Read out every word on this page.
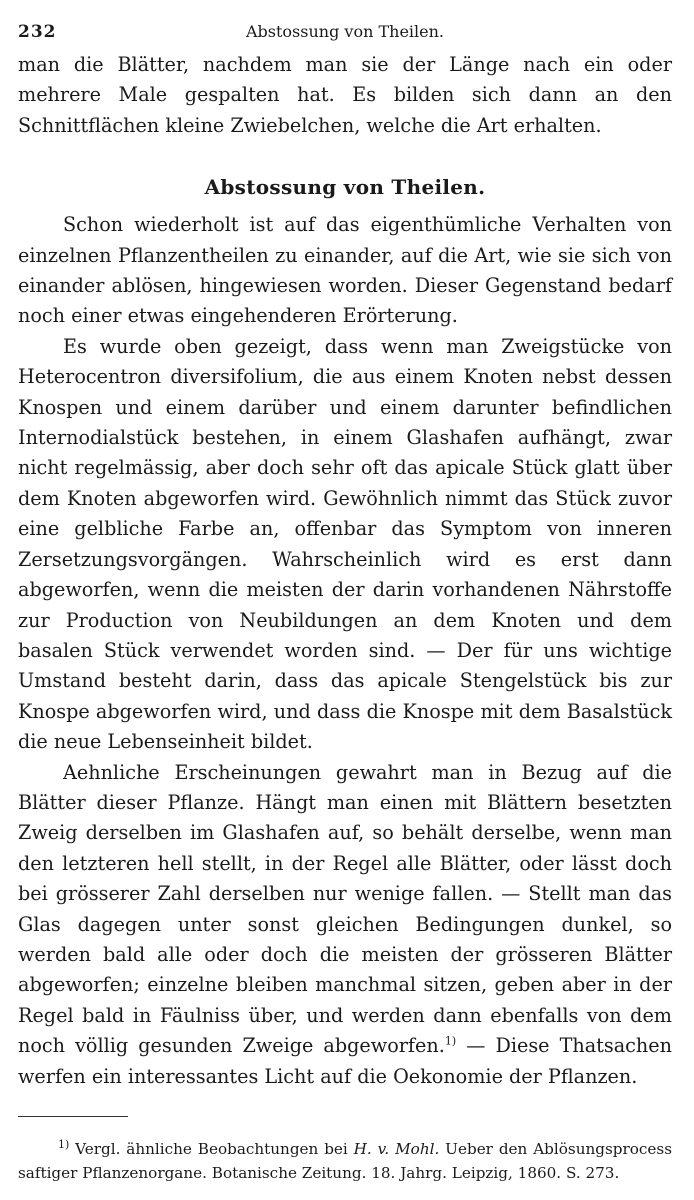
232	Abstossung von Theilen.

man die Blätter, nachdem man sie der Länge nach ein oder mehrere Male gespalten hat. Es bilden sich dann an den Schnittflächen kleine Zwiebelchen, welche die Art erhalten.

Abstossung von Theilen.

Schon wiederholt ist auf das eigenthümliche Verhalten von einzelnen Pflanzentheilen zu einander, auf die Art, wie sie sich von einander ablösen, hingewiesen worden. Dieser Gegenstand bedarf noch einer etwas eingehenderen Erörterung.

Es wurde oben gezeigt, dass wenn man Zweigstücke von Heterocentron diversifolium, die aus einem Knoten nebst dessen Knospen und einem darüber und einem darunter befindlichen Internodialstück bestehen, in einem Glashafen aufhängt, zwar nicht regelmässig, aber doch sehr oft das apicale Stück glatt über dem Knoten abgeworfen wird. Gewöhnlich nimmt das Stück zuvor eine gelbliche Farbe an, offenbar das Symptom von inneren Zersetzungsvorgängen. Wahrscheinlich wird es erst dann abgeworfen, wenn die meisten der darin vorhandenen Nährstoffe zur Production von Neubildungen an dem Knoten und dem basalen Stück verwendet worden sind. — Der für uns wichtige Umstand besteht darin, dass das apicale Stengelstück bis zur Knospe abgeworfen wird, und dass die Knospe mit dem Basalstück die neue Lebenseinheit bildet.

Aehnliche Erscheinungen gewahrt man in Bezug auf die Blätter dieser Pflanze. Hängt man einen mit Blättern besetzten Zweig derselben im Glashafen auf, so behält derselbe, wenn man den letzteren hell stellt, in der Regel alle Blätter, oder lässt doch bei grösserer Zahl derselben nur wenige fallen. — Stellt man das Glas dagegen unter sonst gleichen Bedingungen dunkel, so werden bald alle oder doch die meisten der grösseren Blätter abgeworfen; einzelne bleiben manchmal sitzen, geben aber in der Regel bald in Fäulniss über, und werden dann ebenfalls von dem noch völlig gesunden Zweige abgeworfen.$^{1)}$ — Diese Thatsachen werfen ein interessantes Licht auf die Oekonomie der Pflanzen.

$^{1)}$ Vergl. ähnliche Beobachtungen bei H. v. Mohl. Ueber den Ablösungsprocess saftiger Pflanzenorgane. Botanische Zeitung. 18. Jahrg. Leipzig, 1860. S. 273.
